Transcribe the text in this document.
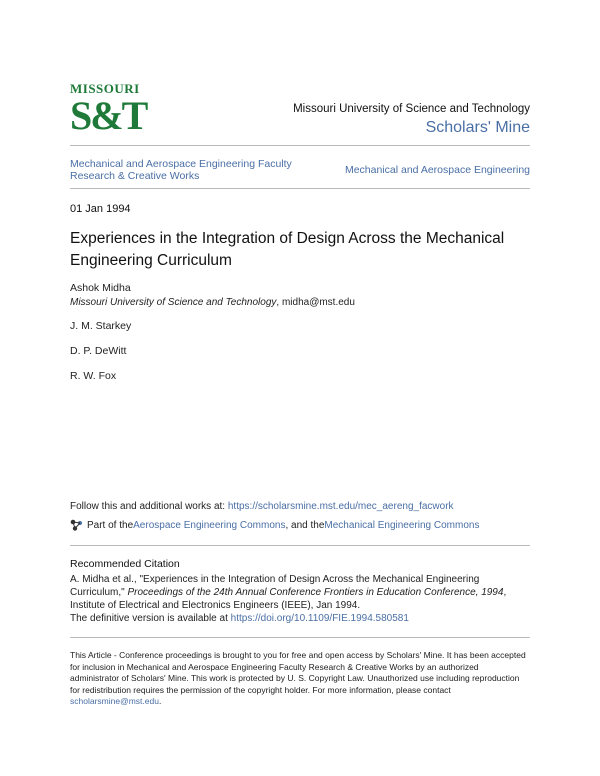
MISSOURI
S&T	Missouri University of Science and Technology
Scholars' Mine
Mechanical and Aerospace Engineering Faculty Research & Creative Works	Mechanical and Aerospace Engineering
01 Jan 1994
Experiences in the Integration of Design Across the Mechanical Engineering Curriculum
Ashok Midha
Missouri University of Science and Technology, midha@mst.edu
J. M. Starkey
D. P. DeWitt
R. W. Fox
Follow this and additional works at: https://scholarsmine.mst.edu/mec_aereng_facwork
Part of the Aerospace Engineering Commons , and the Mechanical Engineering Commons
Recommended Citation
A. Midha et al., "Experiences in the Integration of Design Across the Mechanical Engineering Curriculum," Proceedings of the 24th Annual Conference Frontiers in Education Conference, 1994, Institute of Electrical and Electronics Engineers (IEEE), Jan 1994.
The definitive version is available at https://doi.org/10.1109/FIE.1994.580581
This Article - Conference proceedings is brought to you for free and open access by Scholars' Mine. It has been accepted for inclusion in Mechanical and Aerospace Engineering Faculty Research & Creative Works by an authorized administrator of Scholars' Mine. This work is protected by U. S. Copyright Law. Unauthorized use including reproduction for redistribution requires the permission of the copyright holder. For more information, please contact scholarsmine@mst.edu.
